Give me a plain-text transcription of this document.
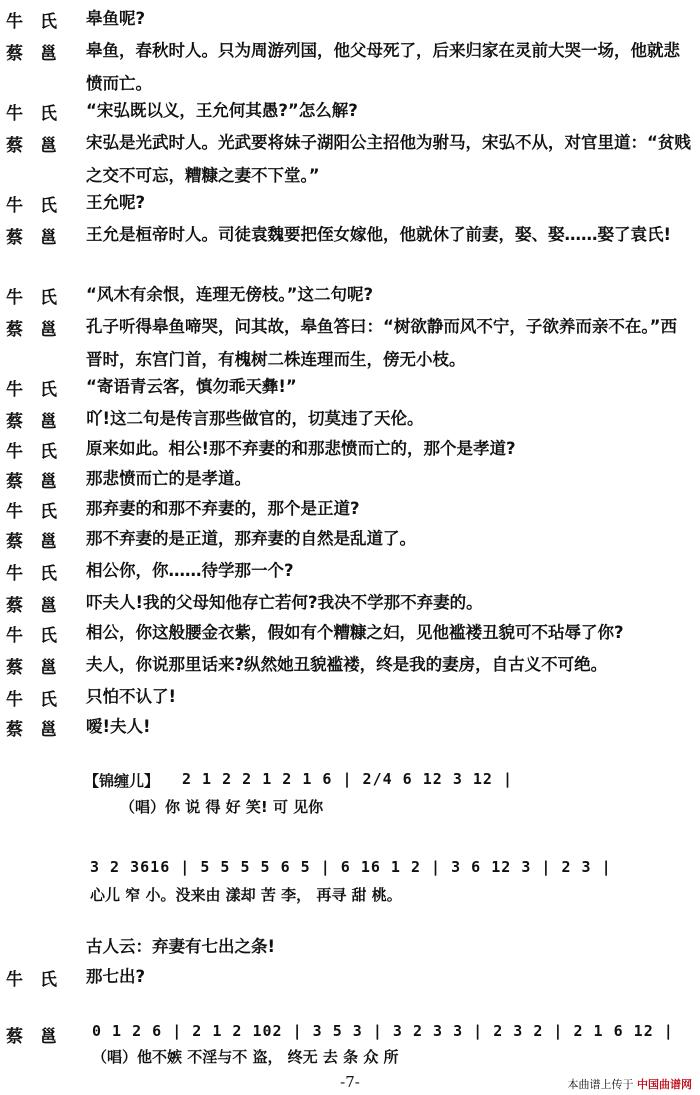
牛氏 皋鱼呢?
蔡邕 皋鱼，春秋时人。只为周游列国，他父母死了，后来归家在灵前大哭一场，他就悲愤而亡。
牛氏 “宋弘既以义，王允何其愚?”怎么解?
蔡邕 宋弘是光武时人。光武要将妹子湖阳公主招他为驸马，宋弘不从，对官里道：“贫贱之交不可忘，糟糠之妻不下堂。”
牛氏 王允呢?
蔡邕 王允是桓帝时人。司徒袁魏要把侄女嫁他，他就休了前妻，娶、娶……娶了袁氏!
牛氏 “风木有余恨，连理无傍枝。”这二句呢?
蔡邕 孔子听得皋鱼啼哭，问其故，皋鱼答曰：“树欲静而风不宁，子欲养而亲不在。”西晋时，东宫门首，有槐树二株连理而生，傍无小枝。
牛氏 “寄语青云客，慎勿乖天彝!”
蔡邕 吖!这二句是传言那些做官的，切莫违了天伦。
牛氏 原来如此。相公!那不弃妻的和那悲愤而亡的，那个是孝道?
蔡邕 那悲愤而亡的是孝道。
牛氏 那弃妻的和那不弃妻的，那个是正道?
蔡邕 那不弃妻的是正道，那弃妻的自然是乱道了。
牛氏 相公你，你……待学那一个?
蔡邕 吓夫人!我的父母知他存亡若何?我决不学那不弃妻的。
牛氏 相公，你这般腰金衣紫，假如有个糟糠之妇，见他褴褛丑貌可不玷辱了你?
蔡邕 夫人，你说那里话来?纵然她丑貌褴褛，终是我的妻房，自古义不可绝。
牛氏 只怕不认了!
蔡邕 嗳!夫人!
【锦缠儿】 2 1 2 2 1 2 1 6 | 2/4 6 12 3 12 |
（唱）你 说 得 好 笑! 可 见你
3 2 3616 | 5 5 5 5 6 5 | 6 16 1 2 | 3 6 12 3 | 2 3 |
心儿 窄 小。没来由 漾却 苦 李， 再寻 甜 桃。
古人云：弃妻有七出之条!
牛氏 那七出?
蔡邕	0 1 2 6 | 2 1 2 102 | 3 5 3 | 3 2 3 3 | 2 3 2 | 2 1 6 12 |
（唱）他不嫉 不淫与不 盗， 终无 去 条 众 所
-7-	本曲谱上传于 中国曲谱网
